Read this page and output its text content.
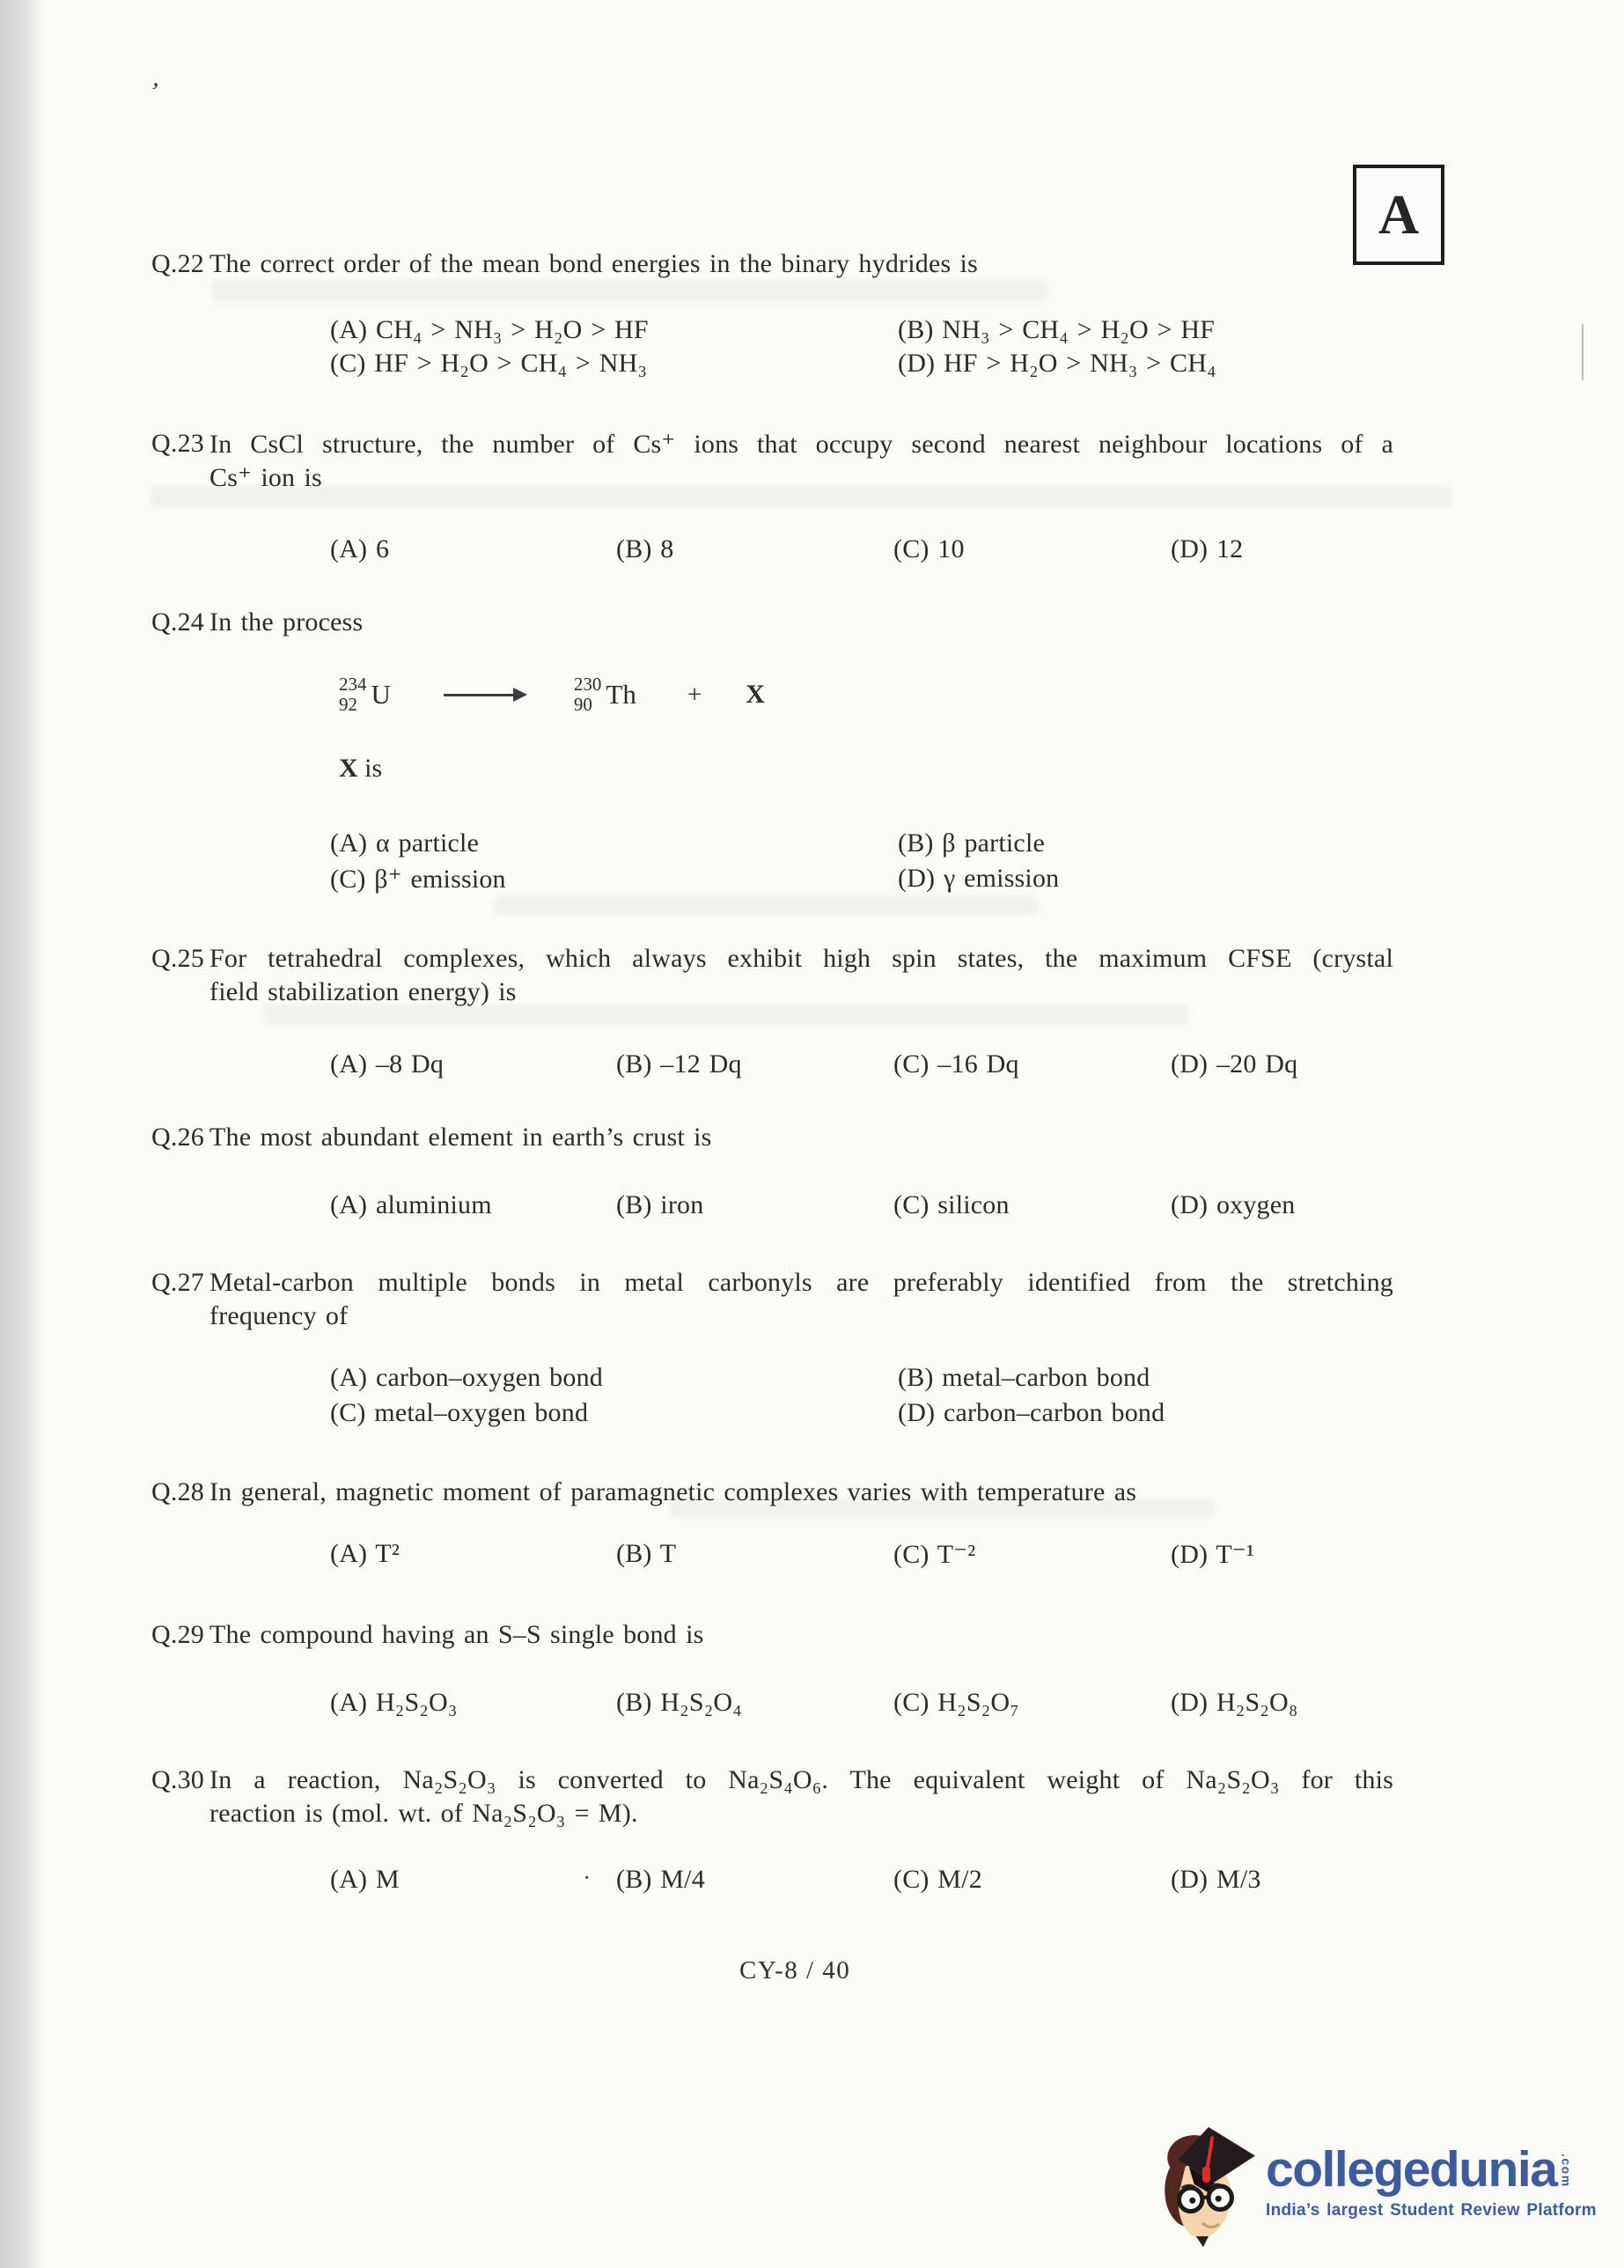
’
A
Q.22 The correct order of the mean bond energies in the binary hydrides is
(A) CH₄ > NH₃ > H₂O > HF	(B) NH₃ > CH₄ > H₂O > HF
(C) HF > H₂O > CH₄ > NH₃	(D) HF > H₂O > NH₃ > CH₄
Q.23 In CsCl structure, the number of Cs⁺ ions that occupy second nearest neighbour locations of a
Cs⁺ ion is
(A) 6	(B) 8	(C) 10	(D) 12
Q.24 In the process
234
92 U	230
90 Th + X
X is
(A) α particle	(B) β particle
(C) β⁺ emission	(D) γ emission
Q.25 For tetrahedral complexes, which always exhibit high spin states, the maximum CFSE (crystal
field stabilization energy) is
(A) –8 Dq	(B) –12 Dq	(C) –16 Dq	(D) –20 Dq
Q.26 The most abundant element in earth’s crust is
(A) aluminium	(B) iron	(C) silicon	(D) oxygen
Q.27 Metal-carbon multiple bonds in metal carbonyls are preferably identified from the stretching
frequency of
(A) carbon–oxygen bond	(B) metal–carbon bond
(C) metal–oxygen bond	(D) carbon–carbon bond
Q.28 In general, magnetic moment of paramagnetic complexes varies with temperature as
(A) T²	(B) T	(C) T⁻²	(D) T⁻¹
Q.29 The compound having an S–S single bond is
(A) H₂S₂O₃	(B) H₂S₂O₄	(C) H₂S₂O₇	(D) H₂S₂O₈
Q.30 In a reaction, Na₂S₂O₃ is converted to Na₂S₄O₆. The equivalent weight of Na₂S₂O₃ for this
reaction is (mol. wt. of Na₂S₂O₃ = M).
·
(A) M	(B) M/4	(C) M/2	(D) M/3
CY-8 / 40
collegedunia .com
India’s largest Student Review Platform
